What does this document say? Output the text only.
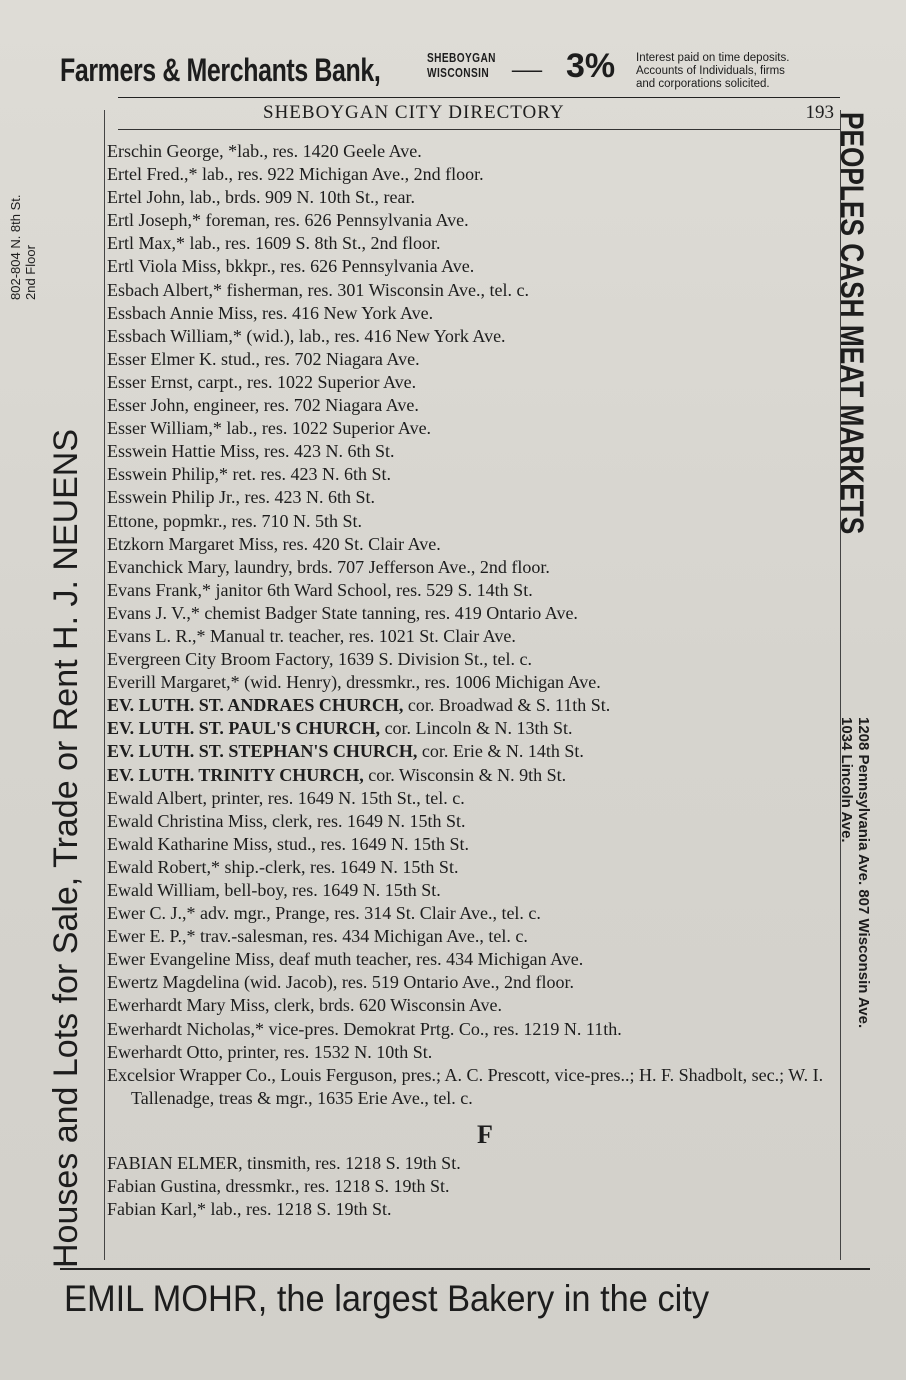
Farmers & Merchants Bank,	SHEBOYGAN
WISCONSIN — 3% Interest paid on time deposits.
Accounts of Individuals, firms
and corporations solicited.
SHEBOYGAN CITY DIRECTORY	193
Erschin George, *lab., res. 1420 Geele Ave.
Ertel Fred.,* lab., res. 922 Michigan Ave., 2nd floor.
Ertel John, lab., brds. 909 N. 10th St., rear.
Ertl Joseph,* foreman, res. 626 Pennsylvania Ave.
Ertl Max,* lab., res. 1609 S. 8th St., 2nd floor.
Ertl Viola Miss, bkkpr., res. 626 Pennsylvania Ave.
Esbach Albert,* fisherman, res. 301 Wisconsin Ave., tel. c.
Essbach Annie Miss, res. 416 New York Ave.
Essbach William,* (wid.), lab., res. 416 New York Ave.
Esser Elmer K. stud., res. 702 Niagara Ave.
Esser Ernst, carpt., res. 1022 Superior Ave.
Esser John, engineer, res. 702 Niagara Ave.
Esser William,* lab., res. 1022 Superior Ave.
Esswein Hattie Miss, res. 423 N. 6th St.
Esswein Philip,* ret. res. 423 N. 6th St.
Esswein Philip Jr., res. 423 N. 6th St.
Ettone, popmkr., res. 710 N. 5th St.
Etzkorn Margaret Miss, res. 420 St. Clair Ave.
Evanchick Mary, laundry, brds. 707 Jefferson Ave., 2nd floor.
Evans Frank,* janitor 6th Ward School, res. 529 S. 14th St.
Evans J. V.,* chemist Badger State tanning, res. 419 Ontario Ave.
Evans L. R.,* Manual tr. teacher, res. 1021 St. Clair Ave.
Evergreen City Broom Factory, 1639 S. Division St., tel. c.
Everill Margaret,* (wid. Henry), dressmkr., res. 1006 Michigan Ave.
EV. LUTH. ST. ANDRAES CHURCH, cor. Broadwad & S. 11th St.
EV. LUTH. ST. PAUL'S CHURCH, cor. Lincoln & N. 13th St.
EV. LUTH. ST. STEPHAN'S CHURCH, cor. Erie & N. 14th St.
EV. LUTH. TRINITY CHURCH, cor. Wisconsin & N. 9th St.
Ewald Albert, printer, res. 1649 N. 15th St., tel. c.
Ewald Christina Miss, clerk, res. 1649 N. 15th St.
Ewald Katharine Miss, stud., res. 1649 N. 15th St.
Ewald Robert,* ship.-clerk, res. 1649 N. 15th St.
Ewald William, bell-boy, res. 1649 N. 15th St.
Ewer C. J.,* adv. mgr., Prange, res. 314 St. Clair Ave., tel. c.
Ewer E. P.,* trav.-salesman, res. 434 Michigan Ave., tel. c.
Ewer Evangeline Miss, deaf muth teacher, res. 434 Michigan Ave.
Ewertz Magdelina (wid. Jacob), res. 519 Ontario Ave., 2nd floor.
Ewerhardt Mary Miss, clerk, brds. 620 Wisconsin Ave.
Ewerhardt Nicholas,* vice-pres. Demokrat Prtg. Co., res. 1219 N. 11th.
Ewerhardt Otto, printer, res. 1532 N. 10th St.
Excelsior Wrapper Co., Louis Ferguson, pres.; A. C. Prescott, vice-pres..; H. F. Shadbolt, sec.; W. I. Tallenadge, treas & mgr., 1635 Erie Ave., tel. c.
F
FABIAN ELMER, tinsmith, res. 1218 S. 19th St.
Fabian Gustina, dressmkr., res. 1218 S. 19th St.
Fabian Karl,* lab., res. 1218 S. 19th St.
Houses and Lots for Sale, Trade or Rent H. J. NEUENS
802-804 N. 8th St. 2nd Floor	PEOPLES CASH MEAT MARKETS
1208 Pennsylvania Ave. 807 Wisconsin Ave.
1034 Lincoln Ave.
EMIL MOHR, the largest Bakery in the city
